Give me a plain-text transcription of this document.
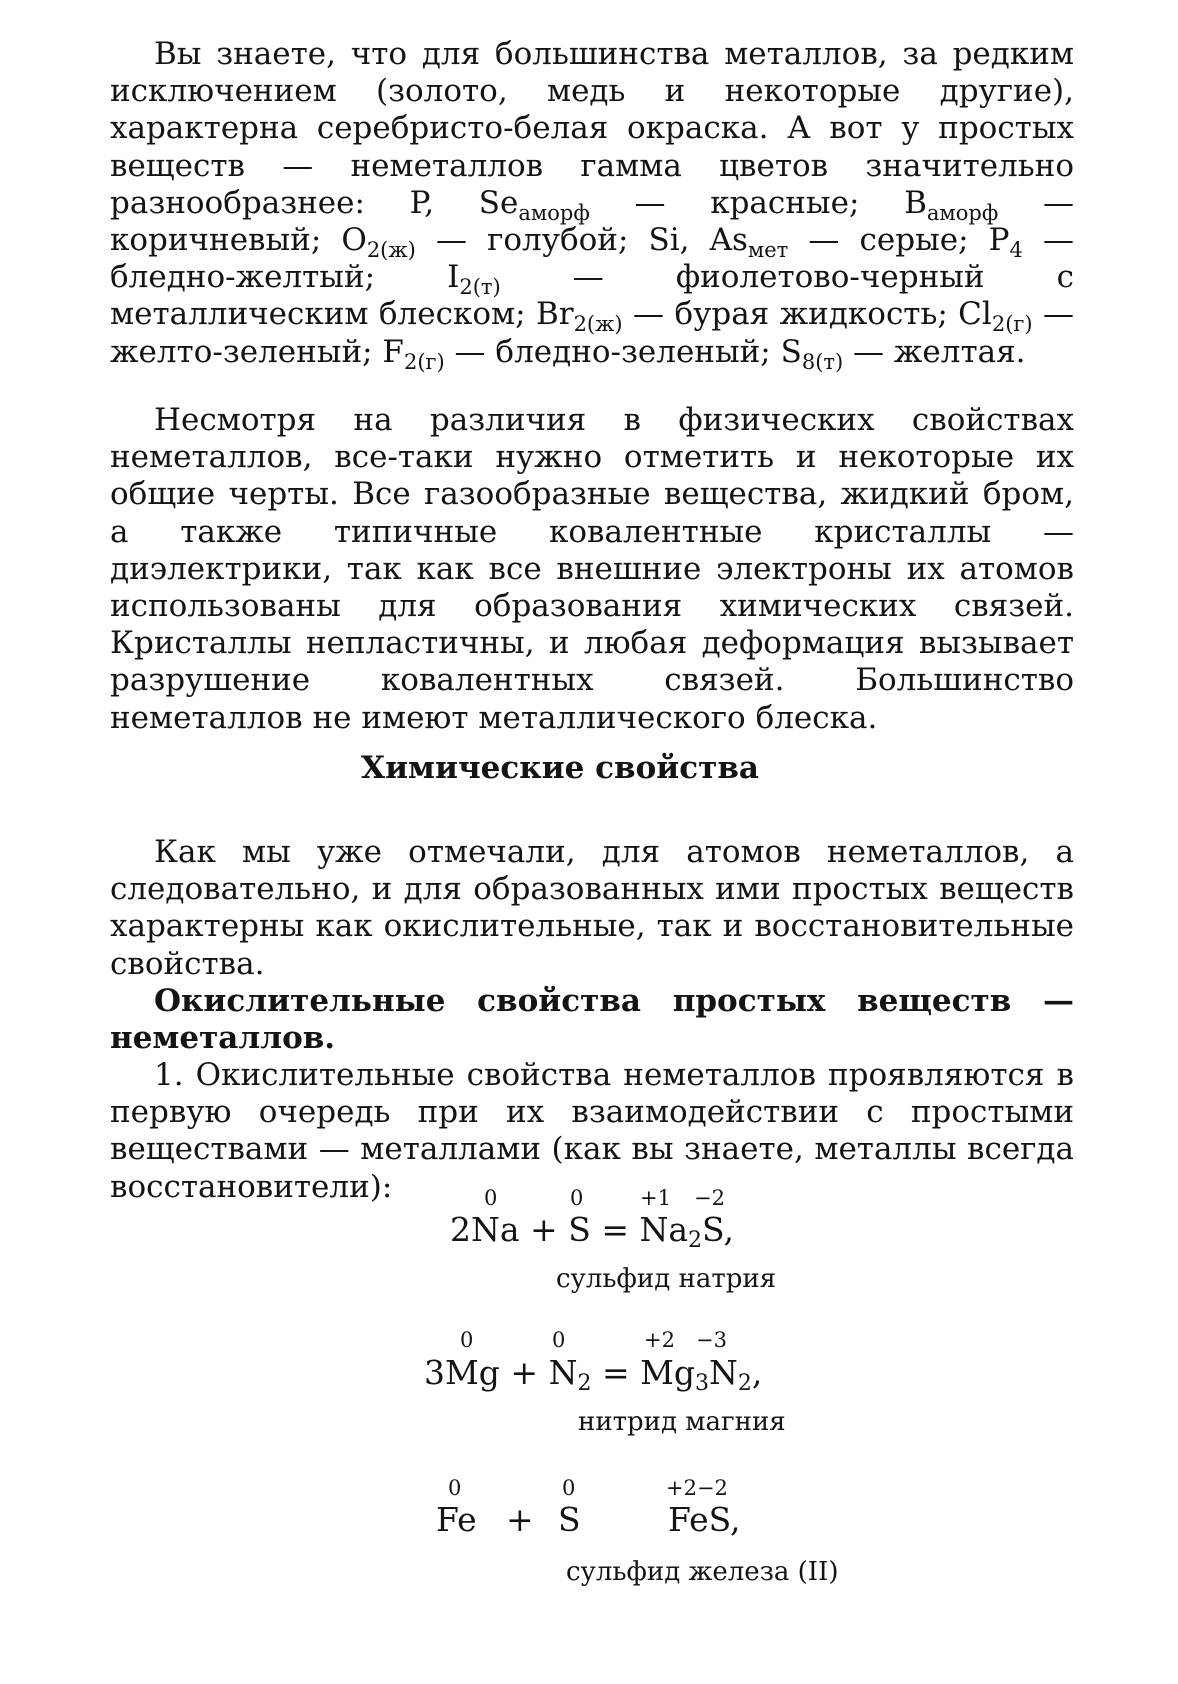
Вы знаете, что для большинства металлов, за редким исключением (золото, медь и некоторые другие), характерна серебристо-белая окраска. А вот у простых веществ — неметаллов гамма цветов значительно разнообразнее: P, $Se_{аморф}$ — красные; $B_{аморф}$ — коричневый; $O_{2(ж)}$ — голубой; Si, $As_{мет}$ — серые; $P_4$ — бледно-желтый; $I_{2(т)}$ — фиолетово-черный с металлическим блеском; $Br_{2(ж)}$ — бурая жидкость; $Cl_{2(г)}$ — желто-зеленый; $F_{2(г)}$ — бледно-зеленый; $S_{8(т)}$ — желтая.

Несмотря на различия в физических свойствах неметаллов, все-таки нужно отметить и некоторые их общие черты. Все газообразные вещества, жидкий бром, а также типичные ковалентные кристаллы — диэлектрики, так как все внешние электроны их атомов использованы для образования химических связей. Кристаллы непластичны, и любая деформация вызывает разрушение ковалентных связей. Большинство неметаллов не имеют металлического блеска.

Химические свойства

Как мы уже отмечали, для атомов неметаллов, а следовательно, и для образованных ими простых веществ характерны как окислительные, так и восстановительные свойства.

Окислительные свойства простых веществ — неметаллов.

1. Окислительные свойства неметаллов проявляются в первую очередь при их взаимодействии с простыми веществами — металлами (как вы знаете, металлы всегда восстановители):	0	0	+1 −2
$2Na + S = Na_2S$,
сульфид натрия
0	0	+2 −3
$3Mg + N_2 = Mg_3N_2$,
нитрид магния
0	0	+2−2
Fe + S	FeS,
сульфид железа (II)
